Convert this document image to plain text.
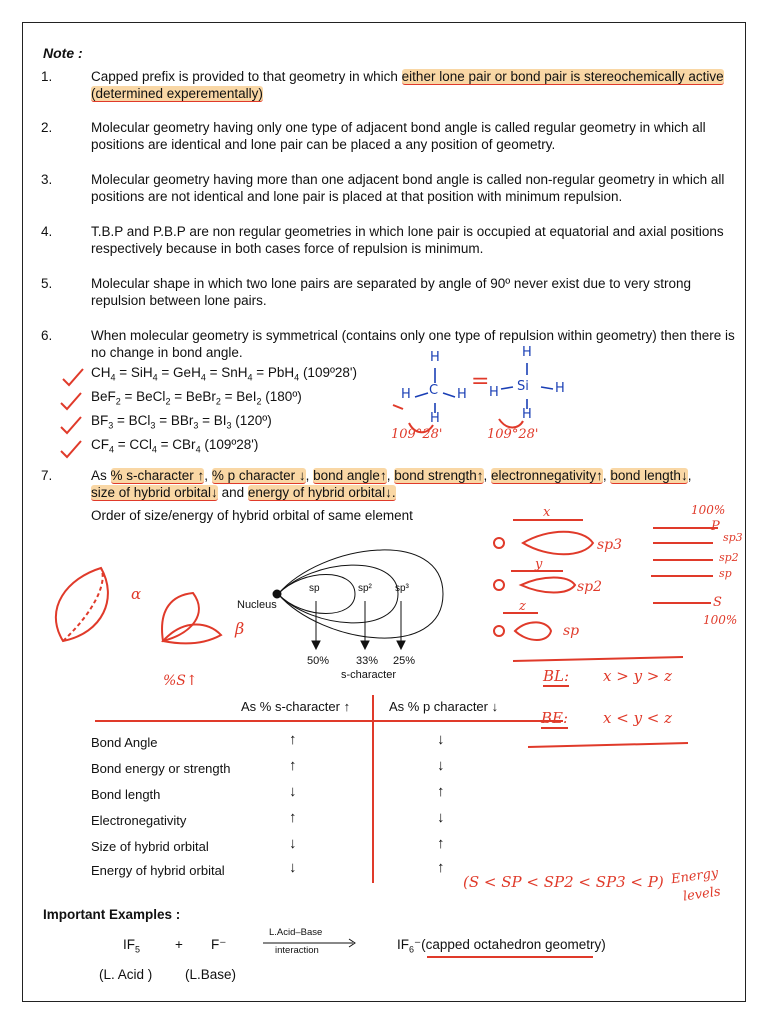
Note :
1.	Capped prefix is provided to that geometry in which either lone pair or bond pair is stereochemically active
(determined experementally)
2.	Molecular geometry having only one type of adjacent bond angle is called regular geometry in which all positions are identical and lone pair can be placed a any position of geometry.
3.	Molecular geometry having more than one adjacent bond angle is called non-regular geometry in which all positions are not identical and lone pair is placed at that position with minimum repulsion.
4.	T.B.P and P.B.P are non regular geometries in which lone pair is occupied at equatorial and axial positions respectively because in both cases force of repulsion is minimum.
5.	Molecular shape in which two lone pairs are separated by angle of 90º never exist due to very strong repulsion between lone pairs.
6.	When molecular geometry is symmetrical (contains only one type of repulsion within geometry) then there is no change in bond angle.
$CH_4 = SiH_4 = GeH_4 = SnH_4 = PbH_4$ (109º28')
BeF$_2$ = BeCl$_2$ = BeBr$_2$ = BeI$_2$ (180º)
$BF_3 = BCl_3 = BBr_3 = BI_3$ (120º)
$CF_4 = CCl_4 = CBr_4$ (109º28')
7.	As % s-character ↑, % p character ↓, bond angle↑, bond strength↑, electronnegativity↑, bond length↓,
size of hybrid orbital↓ and energy of hybrid orbital↓.
Order of size/energy of hybrid orbital of same element
H
C
H	H
H
=
H
Si
H	H
H
109°28'	109°28'
x
sp3
y
sp2
z
sp
100%
P
sp3
sp2
sp
S
100%
α
β
%S↑	BL: x > y > z
BE: x < y < z
(S < SP < SP2 < SP3 < P) Energy
levels
Nucleus
sp	sp² sp³
50% 33% 25%
s-character
As % s-character ↑	As % p character ↓
Bond Angle	↑	↓
Bond energy or strength	↑	↓
Bond length	↓	↑
Electronegativity	↑	↓
Size of hybrid orbital	↓	↑
Energy of hybrid orbital	↓	↑
Important Examples :
$IF_5$	+ F⁻
L.Acid–Base
interaction	$IF_6^-(capped$ octahedron geometry)
(L. Acid ) (L.Base)
